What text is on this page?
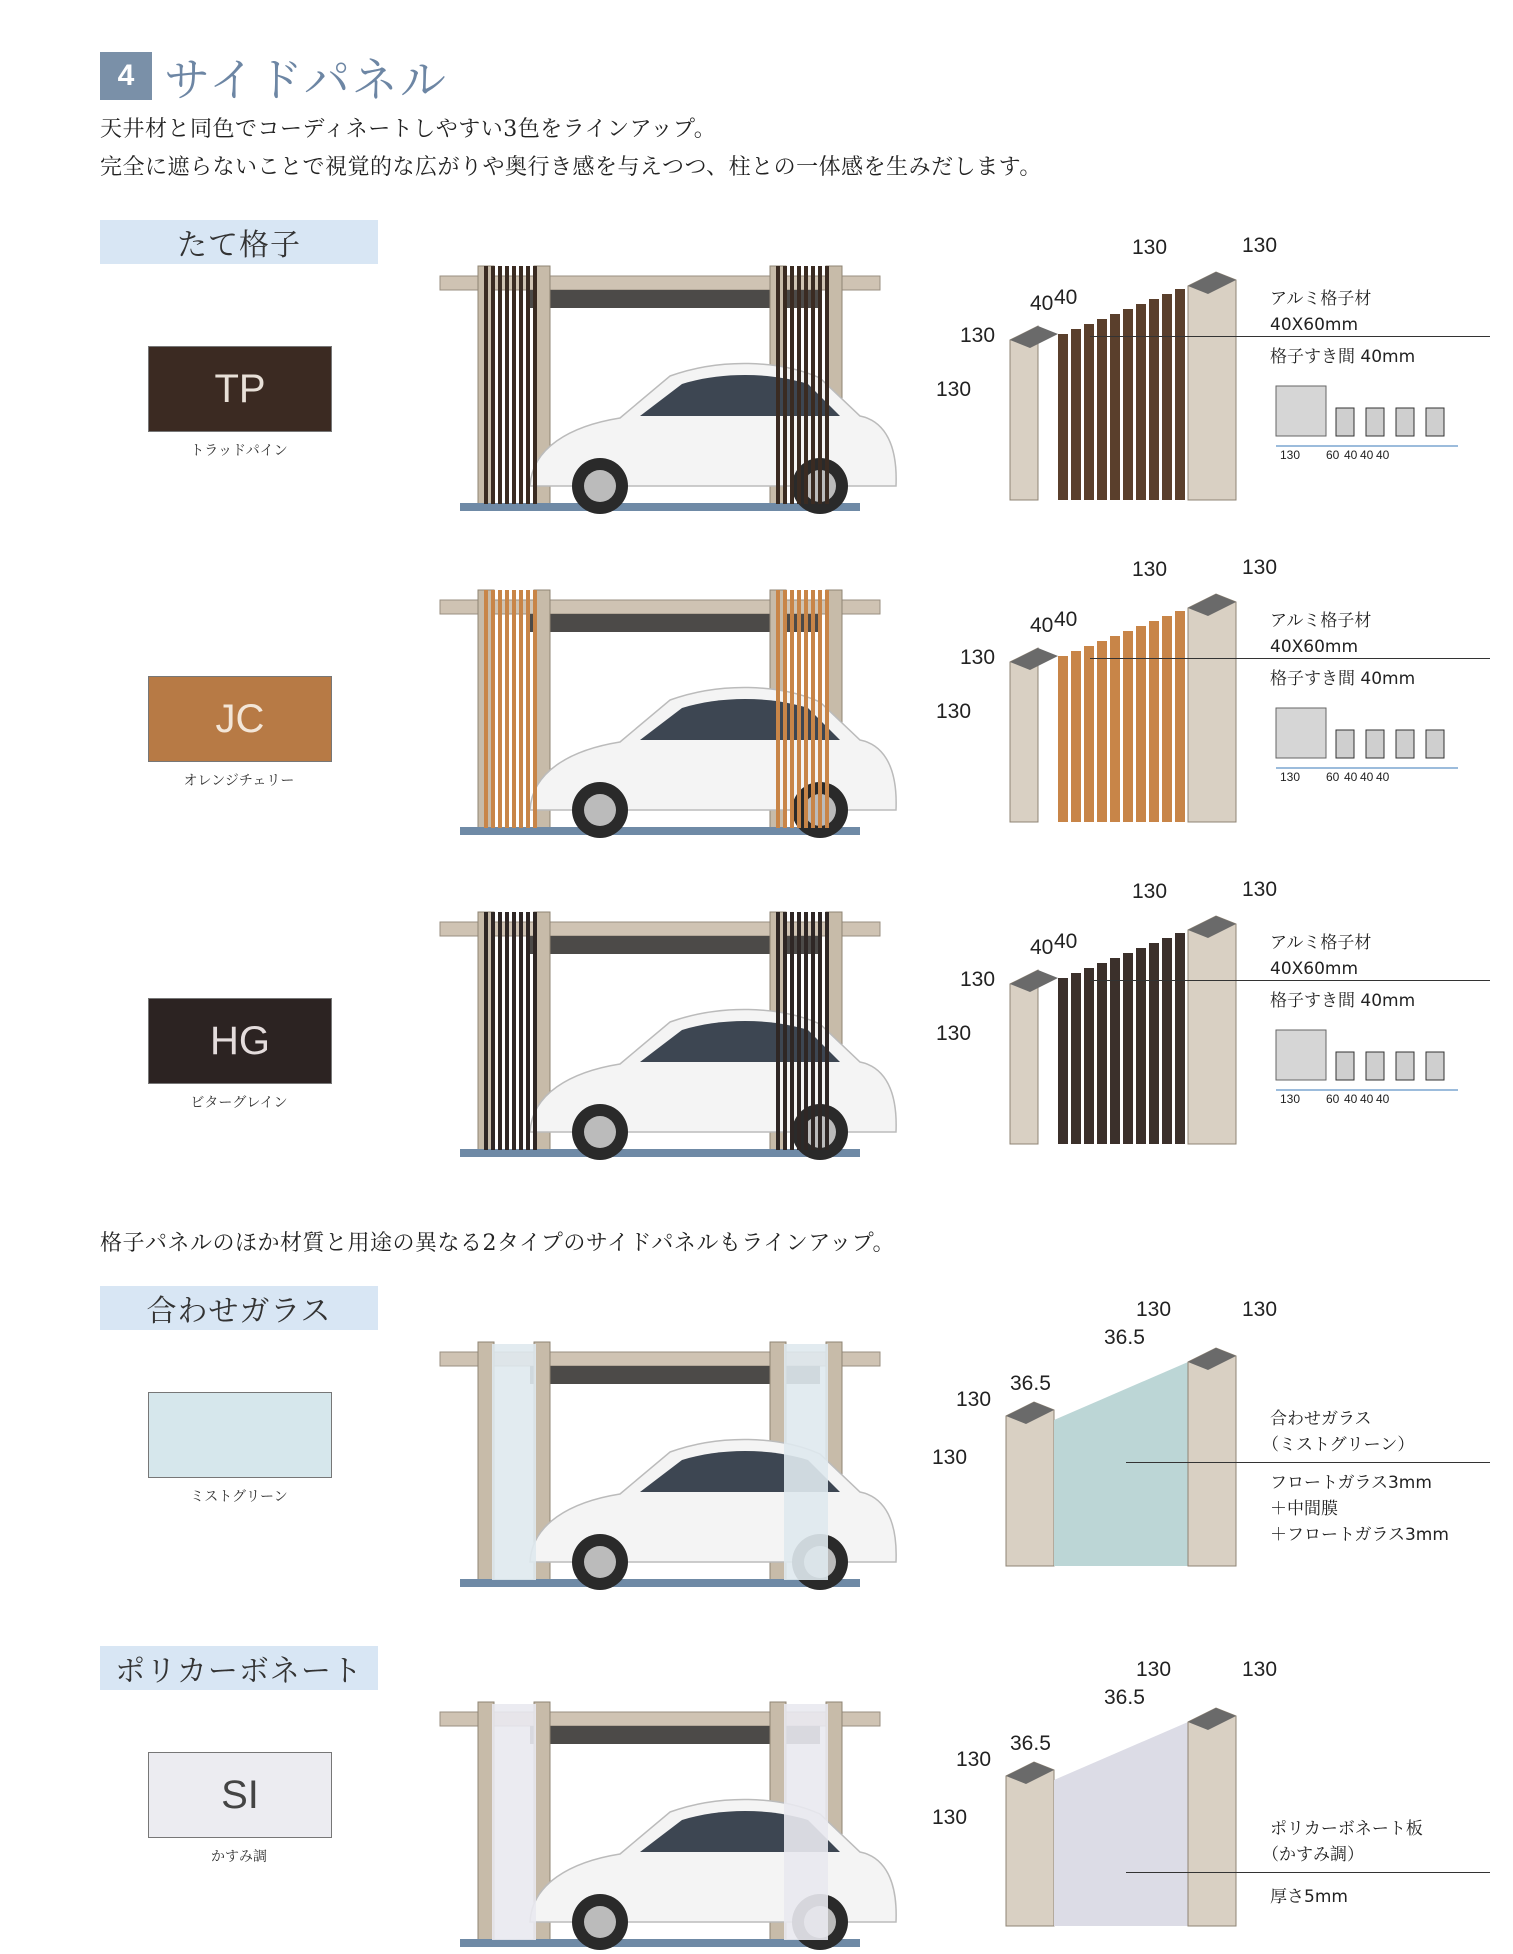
4 サイドパネル
天井材と同色でコーディネートしやすい3色をラインアップ。
完全に遮らないことで視覚的な広がりや奥行き感を与えつつ、柱との一体感を生みだします。
たて格子
TP
トラッドパイン
JC
オレンジチェリー
HG
ビターグレイン
130	130
40 40
130
130
アルミ格子材
40X60mm
格子すき間 40mm
130	130
40 40
130
130
アルミ格子材
40X60mm
格子すき間 40mm
130	130
40 40
130
130
アルミ格子材
40X60mm
格子すき間 40mm
格子パネルのほか材質と用途の異なる2タイプのサイドパネルもラインアップ。
合わせガラス
ミストグリーン
130	130
36.5
36.5
130
130
合わせガラス
（ミストグリーン）
フロートガラス3mm
＋中間膜
＋フロートガラス3mm
ポリカーボネート
SI
かすみ調
130	130
36.5
36.5
130
130	ポリカーボネート板
（かすみ調）
厚さ5mm
130 60 40 40 40
130 60 40 40 40
130 60 40 40 40
